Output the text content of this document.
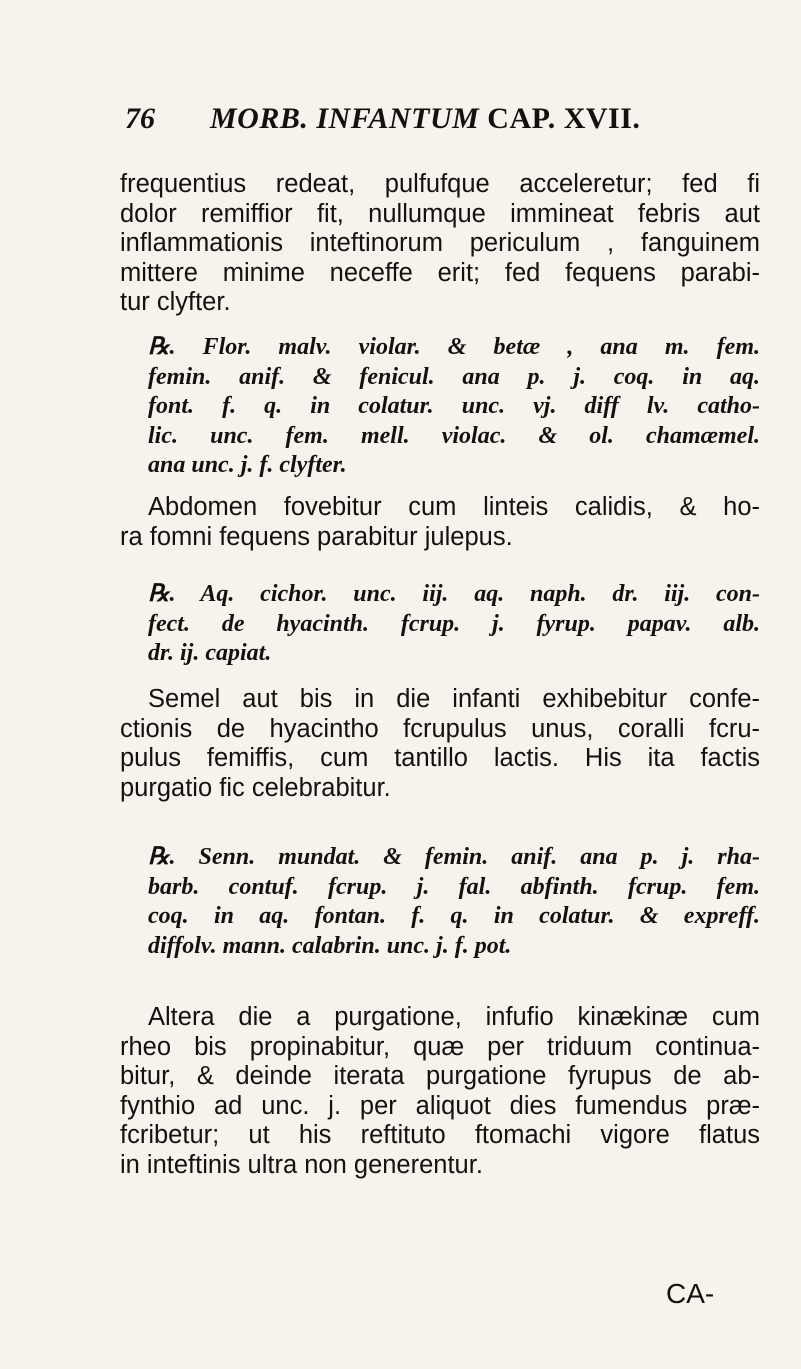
76 MORB. INFANTUM CAP. XVII.
frequentius redeat, pulfufque acceleretur; fed fi
dolor remiffior fit, nullumque immineat febris aut
inflammationis inteftinorum periculum , fanguinem
mittere minime neceffe erit; fed fequens parabi-
tur clyfter.
℞. Flor. malv. violar. & betæ , ana m. fem.
femin. anif. & fenicul. ana p. j. coq. in aq.
font. f. q. in colatur. unc. vj. diff lv. catho-
lic. unc. fem. mell. violac. & ol. chamæmel.
ana unc. j. f. clyfter.
Abdomen fovebitur cum linteis calidis, & ho-
ra fomni fequens parabitur julepus.
℞. Aq. cichor. unc. iij. aq. naph. dr. iij. con-
fect. de hyacinth. fcrup. j. fyrup. papav. alb.
dr. ij. capiat.
Semel aut bis in die infanti exhibebitur confe-
ctionis de hyacintho fcrupulus unus, coralli fcru-
pulus femiffis, cum tantillo lactis. His ita factis
purgatio fic celebrabitur.
℞. Senn. mundat. & femin. anif. ana p. j. rha-
barb. contuf. fcrup. j. fal. abfinth. fcrup. fem.
coq. in aq. fontan. f. q. in colatur. & expreff.
diffolv. mann. calabrin. unc. j. f. pot.
Altera die a purgatione, infufio kinækinæ cum
rheo bis propinabitur, quæ per triduum continua-
bitur, & deinde iterata purgatione fyrupus de ab-
fynthio ad unc. j. per aliquot dies fumendus præ-
fcribetur; ut his reftituto ftomachi vigore flatus
in inteftinis ultra non generentur.
CA-
